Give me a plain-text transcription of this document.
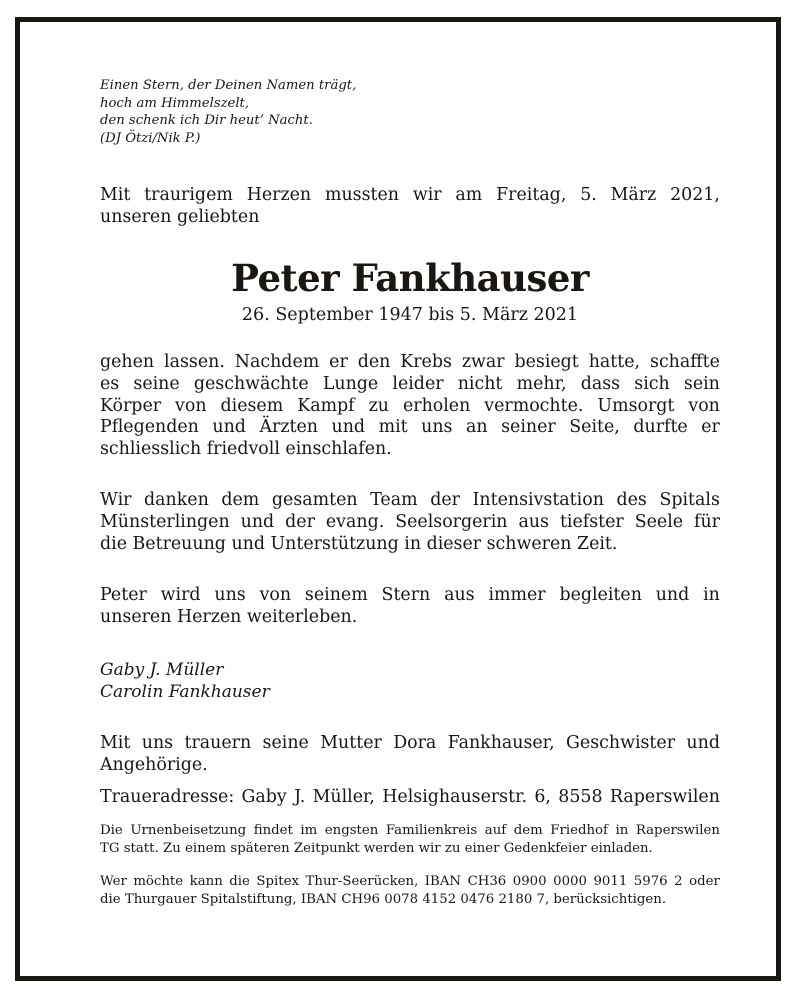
Einen Stern, der Deinen Namen trägt,
hoch am Himmelszelt,
den schenk ich Dir heut’ Nacht.
(DJ Ötzi/Nik P.)
Mit traurigem Herzen mussten wir am Freitag, 5. März 2021,
unseren geliebten
Peter Fankhauser
26. September 1947 bis 5. März 2021
gehen lassen. Nachdem er den Krebs zwar besiegt hatte, schaffte
es seine geschwächte Lunge leider nicht mehr, dass sich sein
Körper von diesem Kampf zu erholen vermochte. Umsorgt von
Pflegenden und Ärzten und mit uns an seiner Seite, durfte er
schliesslich friedvoll einschlafen.
Wir danken dem gesamten Team der Intensivstation des Spitals
Münsterlingen und der evang. Seelsorgerin aus tiefster Seele für
die Betreuung und Unterstützung in dieser schweren Zeit.
Peter wird uns von seinem Stern aus immer begleiten und in
unseren Herzen weiterleben.
Gaby J. Müller
Carolin Fankhauser
Mit uns trauern seine Mutter Dora Fankhauser, Geschwister und
Angehörige.
Traueradresse: Gaby J. Müller, Helsighauserstr. 6, 8558 Raperswilen
Die Urnenbeisetzung findet im engsten Familienkreis auf dem Friedhof in Raperswilen
TG statt. Zu einem späteren Zeitpunkt werden wir zu einer Gedenkfeier einladen.
Wer möchte kann die Spitex Thur-Seerücken, IBAN CH36 0900 0000 9011 5976 2 oder
die Thurgauer Spitalstiftung, IBAN CH96 0078 4152 0476 2180 7, berücksichtigen.
